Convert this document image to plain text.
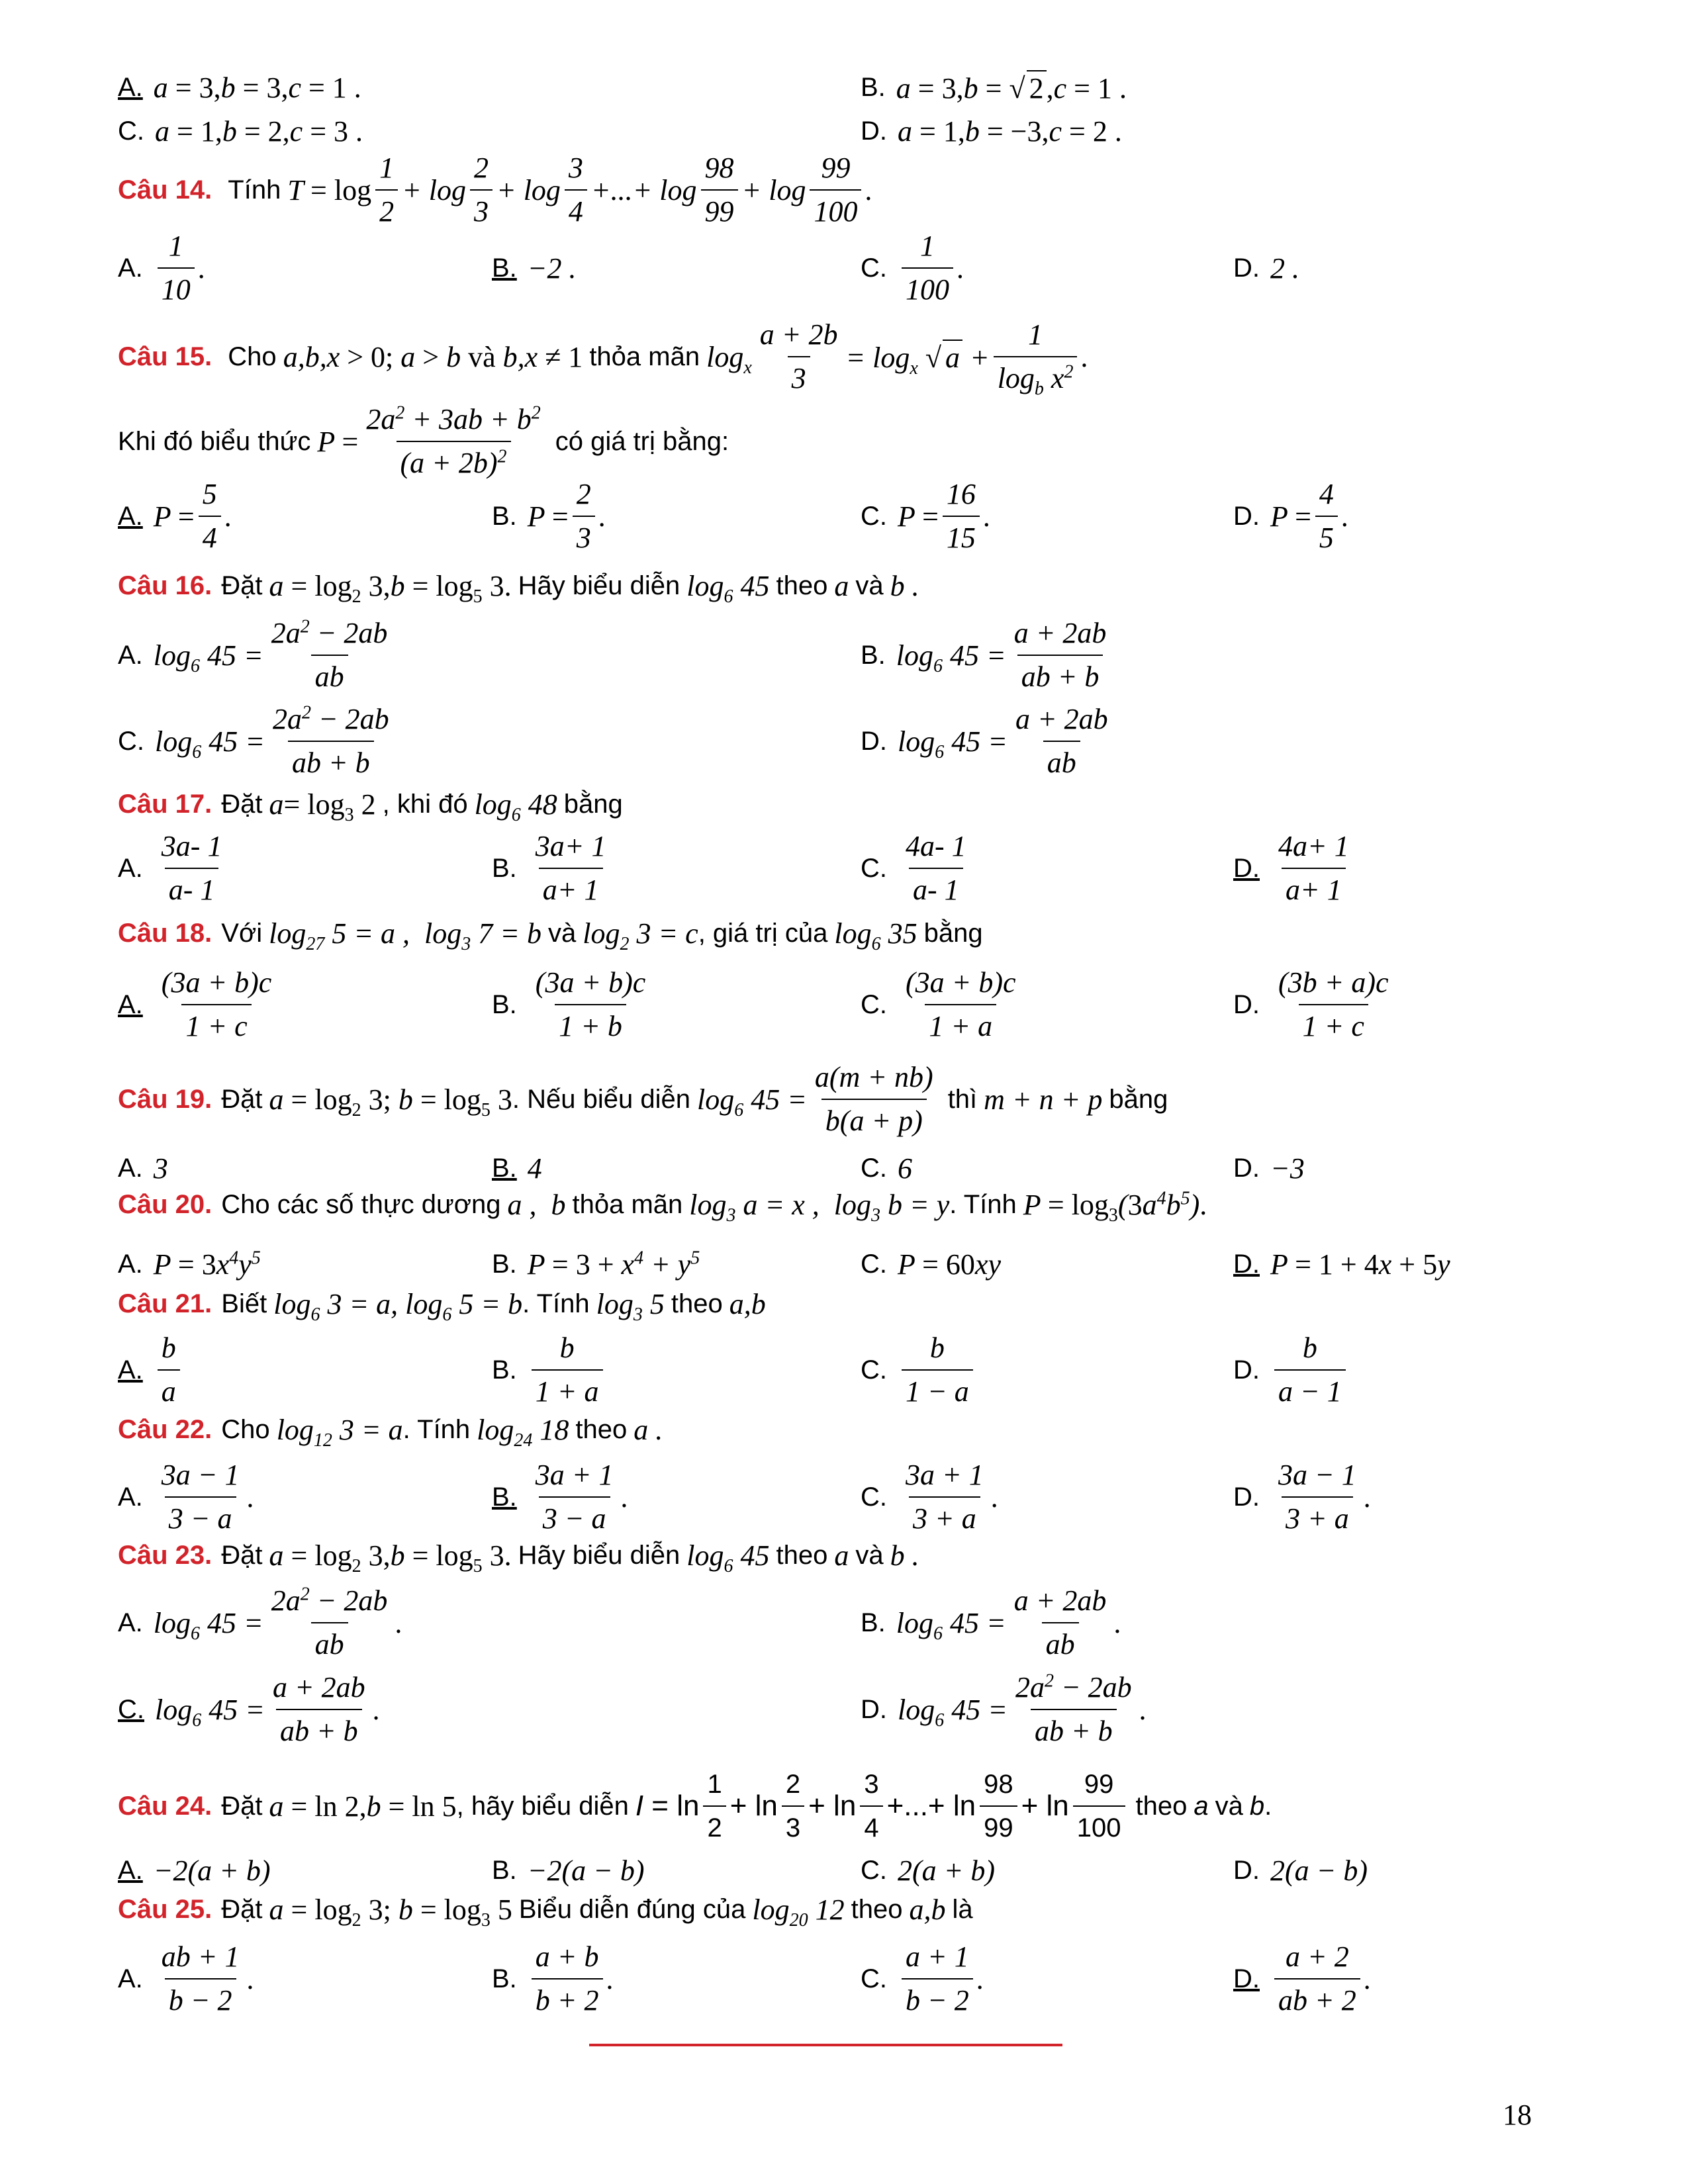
A. a = 3,b = 3,c = 1 .	B. a = 3,b = √ 2,c = 1 .
C. a = 1,b = 2,c = 3 .	D. a = 1,b = −3,c = 2 .
Câu 14. Tính $T = \log \frac{1}{2} + \log \frac{2}{3} + \log \frac{3}{4}$ +...+ $\log \frac{98}{99} + \log \frac{99}{100}$ .
A. $\frac{1}{10}$ .	B. −2 .	C. $\frac{1}{100}$ .	D. 2 .
Câu 15. Cho a,b,x > 0; a > b và b,x ≠ 1 thỏa mãn $\log_x \frac{a + 2b}{3} = \log_x$ √ $a + \frac{1}{\log_b x^2}$ .
Khi đó biểu thức $P = \frac{2a^2 + 3ab + b^2}{(a + 2b)^2}$ có giá trị bằng:
A. $P = \frac{5}{4}$ .	B. $P = \frac{2}{3}$ .	C. $P = \frac{16}{15}$ .	D. $P = \frac{4}{5}$ .
Câu 16. Đặt $a = \log_2 3,b = \log_5 3$. Hãy biểu diễn $\log_6 45$ theo a và b .
A. $\log_6 45 = \frac{2a^2 - 2ab}{ab}$	B. $\log_6 45 = \frac{a + 2ab}{ab + b}$
C. $\log_6 45 = \frac{2a^2 - 2ab}{ab + b}$	D. $\log_6 45 = \frac{a + 2ab}{ab}$
Câu 17. Đặt $a= \log_3 2$ , khi đó $\log_6 48$ bằng
A. $\frac{3a- 1}{a- 1}$	B. $\frac{3a+ 1}{a+ 1}$	C. $\frac{4a- 1}{a- 1}$	D. $\frac{4a+ 1}{a+ 1}$
Câu 18. Với $\log_{27} 5 = a$ ,  $\log_3 7 = b$ và $\log_2 3 = c$ , giá trị của $\log_6 35$ bằng
A. $\frac{(3a + b)c}{1 + c}$	B. $\frac{(3a + b)c}{1 + b}$	C. $\frac{(3a + b)c}{1 + a}$	D. $\frac{(3b + a)c}{1 + c}$
Câu 19. Đặt $a = \log_2 3$; $b = \log_5 3$ . Nếu biểu diễn $\log_6 45 = \frac{a(m + nb)}{b(a + p)}$ thì m + n + p bằng
A. 3	B. 4	C. 6	D. −3
Câu 20. Cho các số thực dương a ,  b thỏa mãn $\log_3 a = x$ ,  $\log_3 b = y$ . Tính $P = \log_3(3a^4b^5)$.
A. $P = 3x^4y^5$	B. $P = 3 + x^4 + y^5$	C. P = 60xy	D. P = 1 + 4x + 5y
Câu 21. Biết $\log_6 3 = a$, $\log_6 5 = b$ . Tính $\log_3 5$ theo a,b
A. $\frac{b}{a}$	B. $\frac{b}{1 + a}$	C. $\frac{b}{1 - a}$	D. $\frac{b}{a - 1}$
Câu 22. Cho $\log_{12} 3 = a$ . Tính $\log_{24} 18$ theo a .
A. $\frac{3a - 1}{3 - a}$ .	B. $\frac{3a + 1}{3 - a}$ .	C. $\frac{3a + 1}{3 + a}$ .	D. $\frac{3a - 1}{3 + a}$ .
Câu 23. Đặt $a = \log_2 3,b = \log_5 3$. Hãy biểu diễn $\log_6 45$ theo a và b .
A. $\log_6 45 = \frac{2a^2 - 2ab}{ab}$ .	B. $\log_6 45 = \frac{a + 2ab}{ab}$ .
C. $\log_6 45 = \frac{a + 2ab}{ab + b}$ .	D. $\log_6 45 = \frac{2a^2 - 2ab}{ab + b}$ .
Câu 24. Đặt a = ln 2,b = ln 5 , hãy biểu diễn $I = \ln \frac{1}{2} + \ln \frac{2}{3} + \ln \frac{3}{4}$ +...+ $\ln \frac{98}{99} + \ln \frac{99}{100}$ theo a và b .
A. −2(a + b)	B. −2(a − b)	C. 2(a + b)	D. 2(a − b)
Câu 25. Đặt $a = \log_2 3$; $b = \log_3 5$ Biểu diễn đúng của $\log_{20} 12$ theo a,b là
A. $\frac{ab + 1}{b - 2}$ .	B. $\frac{a + b}{b + 2}$ .	C. $\frac{a + 1}{b - 2}$ .	D. $\frac{a + 2}{ab + 2}$ .
18
